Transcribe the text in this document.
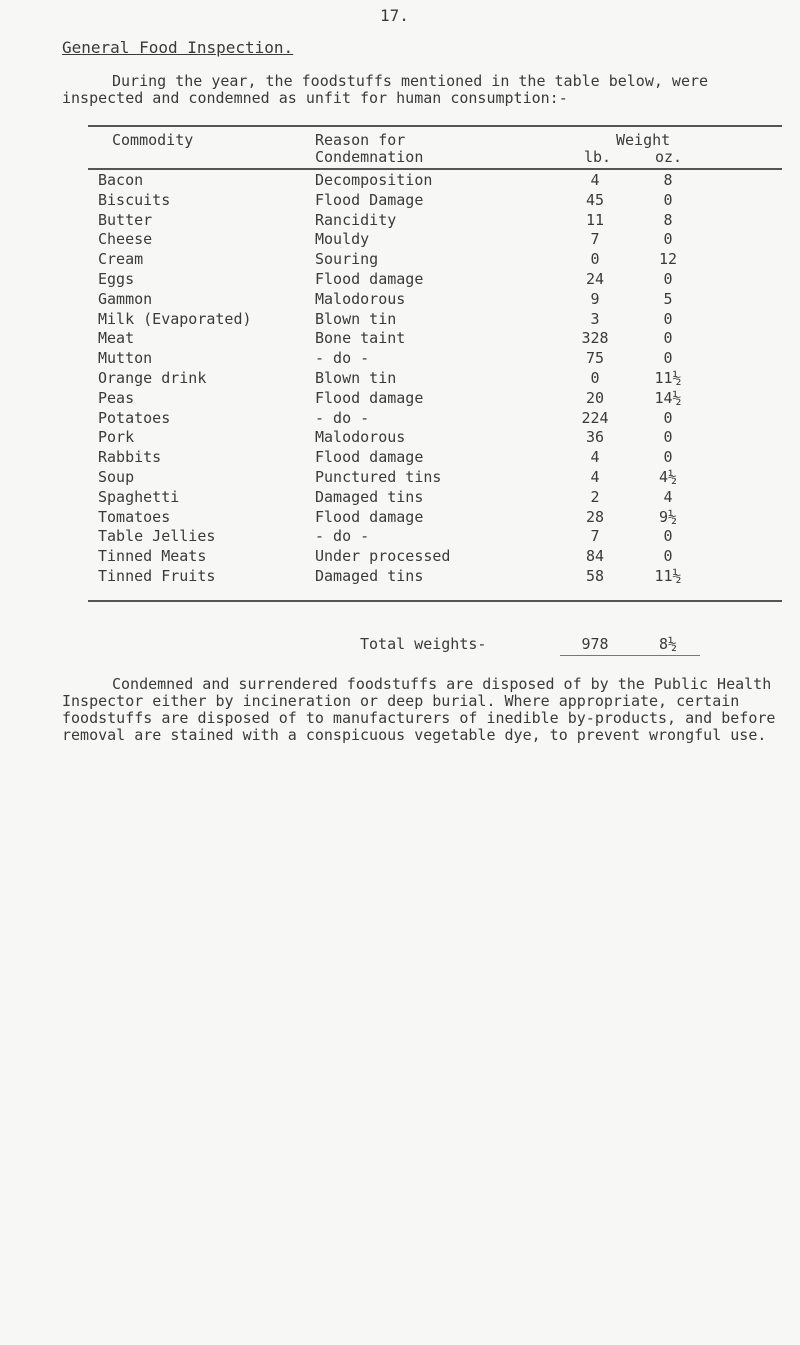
17.
General Food Inspection.

During the year, the foodstuffs mentioned in the table below, were inspected and condemned as unfit for human consumption:-

Commodity	Reason for
Condemnation
Weight
lb.	oz.
Bacon	Decomposition	4	8
Biscuits	Flood Damage	45	0
Butter	Rancidity	11	8
Cheese	Mouldy	7	0
Cream	Souring	0	12
Eggs	Flood damage	24	0
Gammon	Malodorous	9	5
Milk (Evaporated)	Blown tin	3	0
Meat	Bone taint	328	0
Mutton	- do -	75	0
Orange drink	Blown tin	0	11½
Peas	Flood damage	20	14½
Potatoes	- do -	224	0
Pork	Malodorous	36	0
Rabbits	Flood damage	4	0
Soup	Punctured tins	4	4½
Spaghetti	Damaged tins	2	4
Tomatoes	Flood damage	28	9½
Table Jellies	- do -	7	0
Tinned Meats	Under processed	84	0
Tinned Fruits	Damaged tins	58	11½
Total weights-	978	8½

Condemned and surrendered foodstuffs are disposed of by the Public Health Inspector either by incineration or deep burial. Where appropriate, certain foodstuffs are disposed of to manufacturers of inedible by-products, and before removal are stained with a conspicuous vegetable dye, to prevent wrongful use.
